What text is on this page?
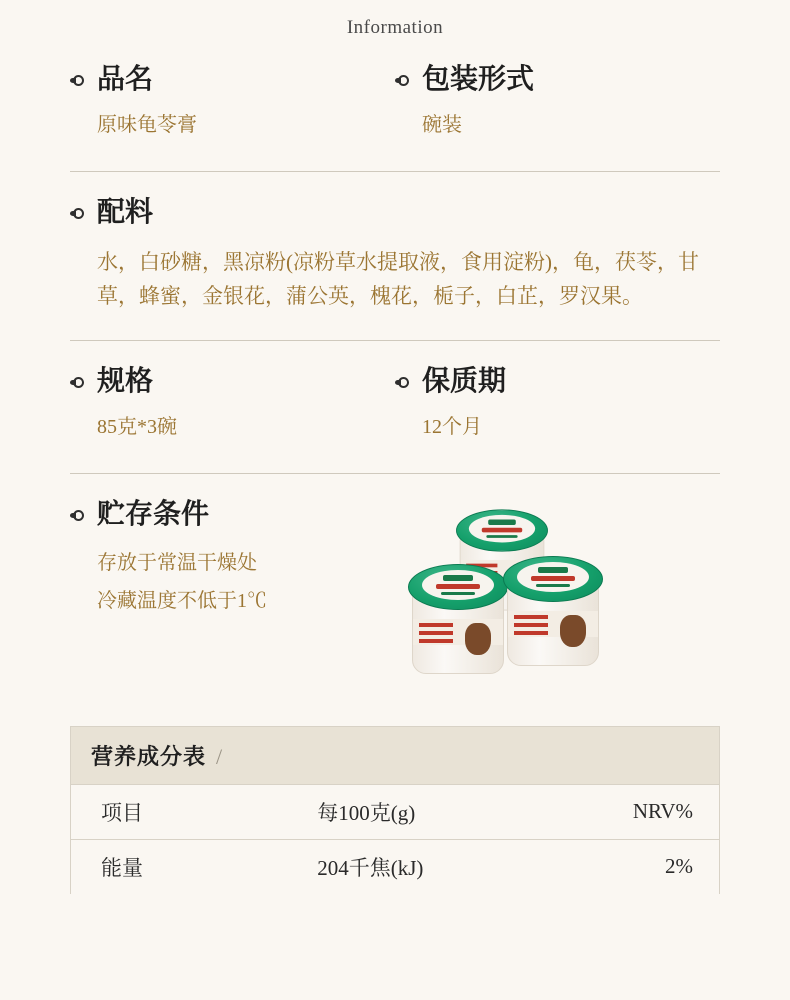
Information
品名
原味龟苓膏
包装形式
碗装
配料
水，白砂糖，黑凉粉(凉粉草水提取液，食用淀粉)，龟，茯苓，甘草，蜂蜜，金银花，蒲公英，槐花，栀子，白芷，罗汉果。
规格
85克*3碗
保质期
12个月
贮存条件
存放于常温干燥处
冷藏温度不低于1℃
营养成分表 /
项目	每100克(g)	NRV%
能量	204千焦(kJ)	2%
